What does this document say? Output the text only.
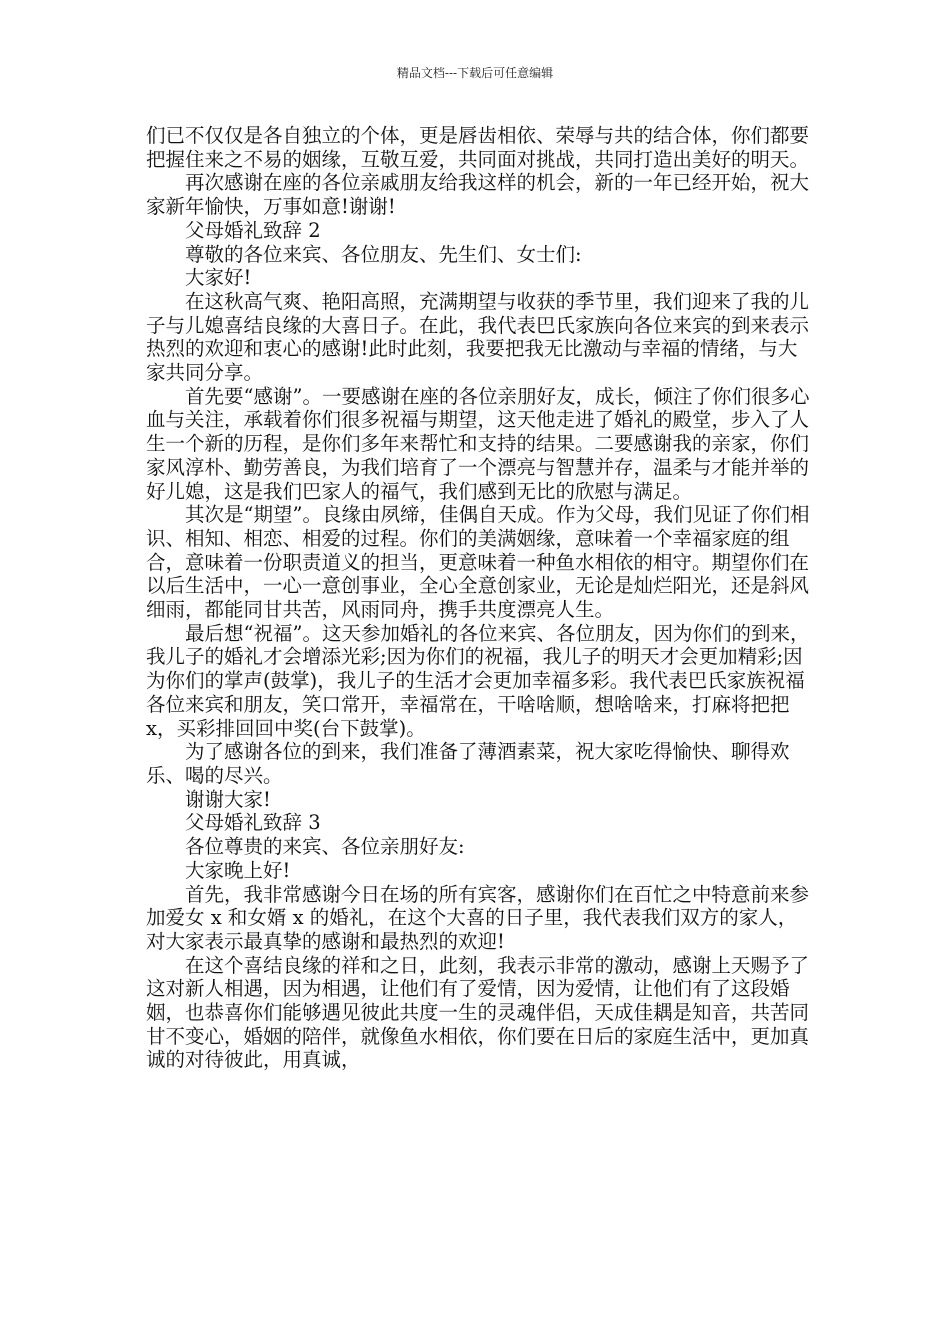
精品文档---下载后可任意编辑

们已不仅仅是各自独立的个体，更是唇齿相依、荣辱与共的结合体，你们都要把握住来之不易的姻缘，互敬互爱，共同面对挑战，共同打造出美好的明天。

再次感谢在座的各位亲戚朋友给我这样的机会，新的一年已经开始，祝大家新年愉快，万事如意!谢谢!

父母婚礼致辞 2

尊敬的各位来宾、各位朋友、先生们、女士们:

大家好!

在这秋高气爽、艳阳高照，充满期望与收获的季节里，我们迎来了我的儿子与儿媳喜结良缘的大喜日子。在此，我代表巴氏家族向各位来宾的到来表示热烈的欢迎和衷心的感谢!此时此刻，我要把我无比激动与幸福的情绪，与大家共同分享。

首先要“感谢”。一要感谢在座的各位亲朋好友，成长，倾注了你们很多心血与关注，承载着你们很多祝福与期望，这天他走进了婚礼的殿堂，步入了人生一个新的历程，是你们多年来帮忙和支持的结果。二要感谢我的亲家，你们家风淳朴、勤劳善良，为我们培育了一个漂亮与智慧并存，温柔与才能并举的好儿媳，这是我们巴家人的福气，我们感到无比的欣慰与满足。

其次是“期望”。良缘由夙缔，佳偶自天成。作为父母，我们见证了你们相识、相知、相恋、相爱的过程。你们的美满姻缘，意味着一个幸福家庭的组合，意味着一份职责道义的担当，更意味着一种鱼水相依的相守。期望你们在以后生活中，一心一意创事业，全心全意创家业，无论是灿烂阳光，还是斜风细雨，都能同甘共苦，风雨同舟，携手共度漂亮人生。

最后想“祝福”。这天参加婚礼的各位来宾、各位朋友，因为你们的到来，我儿子的婚礼才会增添光彩;因为你们的祝福，我儿子的明天才会更加精彩;因为你们的掌声(鼓掌)，我儿子的生活才会更加幸福多彩。我代表巴氏家族祝福各位来宾和朋友，笑口常开，幸福常在，干啥啥顺，想啥啥来，打麻将把把 x，买彩排回回中奖(台下鼓掌)。

为了感谢各位的到来，我们准备了薄酒素菜，祝大家吃得愉快、聊得欢乐、喝的尽兴。

谢谢大家!

父母婚礼致辞 3

各位尊贵的来宾、各位亲朋好友:

大家晚上好!

首先，我非常感谢今日在场的所有宾客，感谢你们在百忙之中特意前来参加爱女 x 和女婿 x 的婚礼，在这个大喜的日子里，我代表我们双方的家人，对大家表示最真挚的感谢和最热烈的欢迎!

在这个喜结良缘的祥和之日，此刻，我表示非常的激动，感谢上天赐予了这对新人相遇，因为相遇，让他们有了爱情，因为爱情，让他们有了这段婚姻，也恭喜你们能够遇见彼此共度一生的灵魂伴侣，天成佳耦是知音，共苦同甘不变心，婚姻的陪伴，就像鱼水相依，你们要在日后的家庭生活中，更加真诚的对待彼此，用真诚，
